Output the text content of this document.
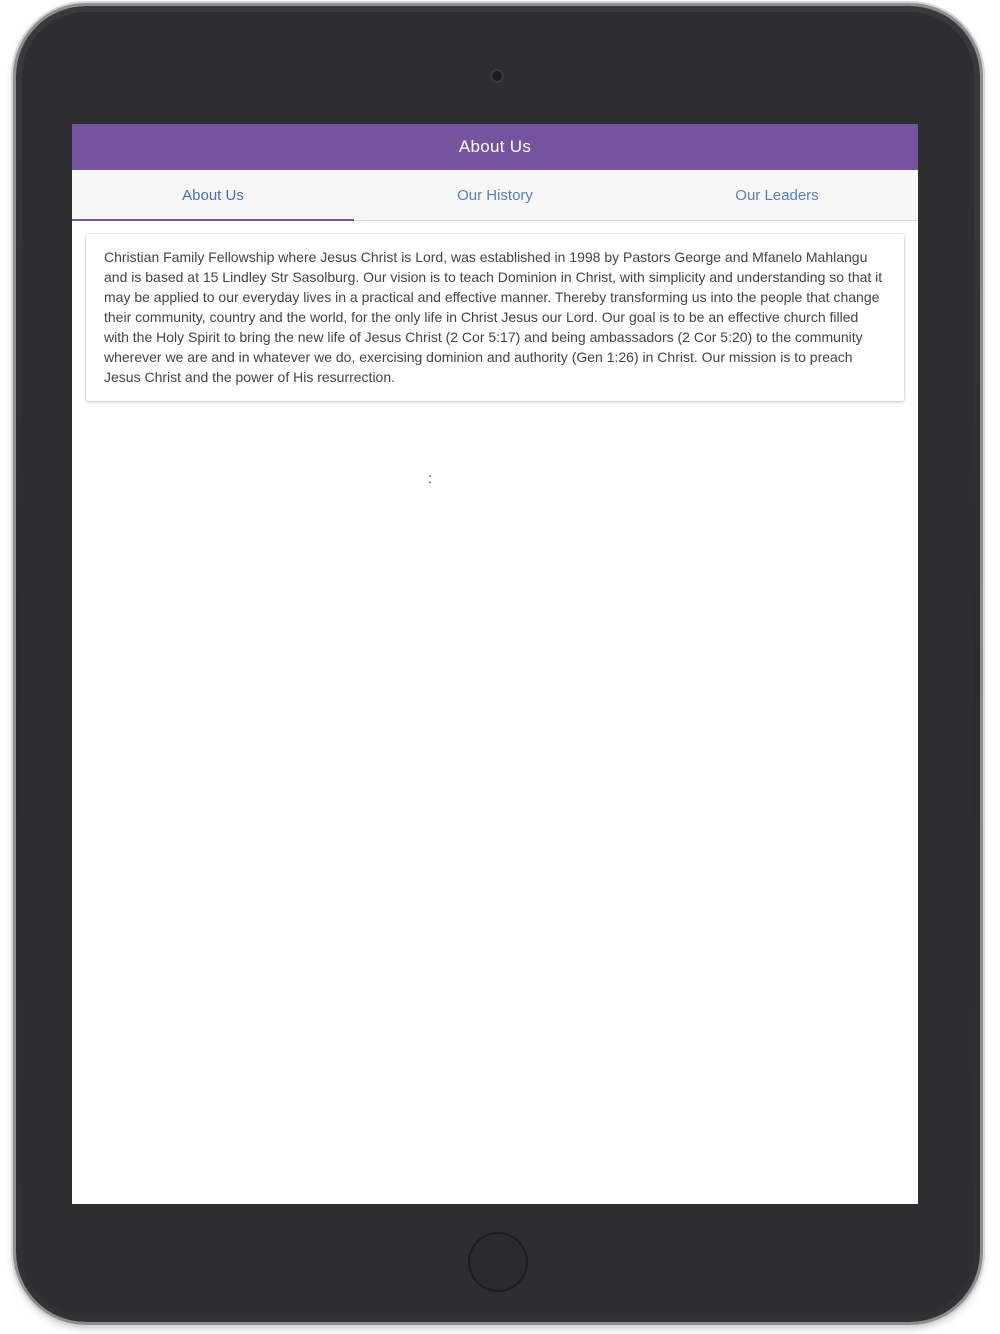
About Us
About Us	Our History	Our Leaders
Christian Family Fellowship where Jesus Christ is Lord, was established in 1998 by Pastors George and Mfanelo Mahlangu and is based at 15 Lindley Str Sasolburg. Our vision is to teach Dominion in Christ, with simplicity and understanding so that it may be applied to our everyday lives in a practical and effective manner. Thereby transforming us into the people that change their community, country and the world, for the only life in Christ Jesus our Lord. Our goal is to be an effective church filled with the Holy Spirit to bring the new life of Jesus Christ (2 Cor 5:17) and being ambassadors (2 Cor 5:20) to the community wherever we are and in whatever we do, exercising dominion and authority (Gen 1:26) in Christ. Our mission is to preach Jesus Christ and the power of His resurrection.
:
